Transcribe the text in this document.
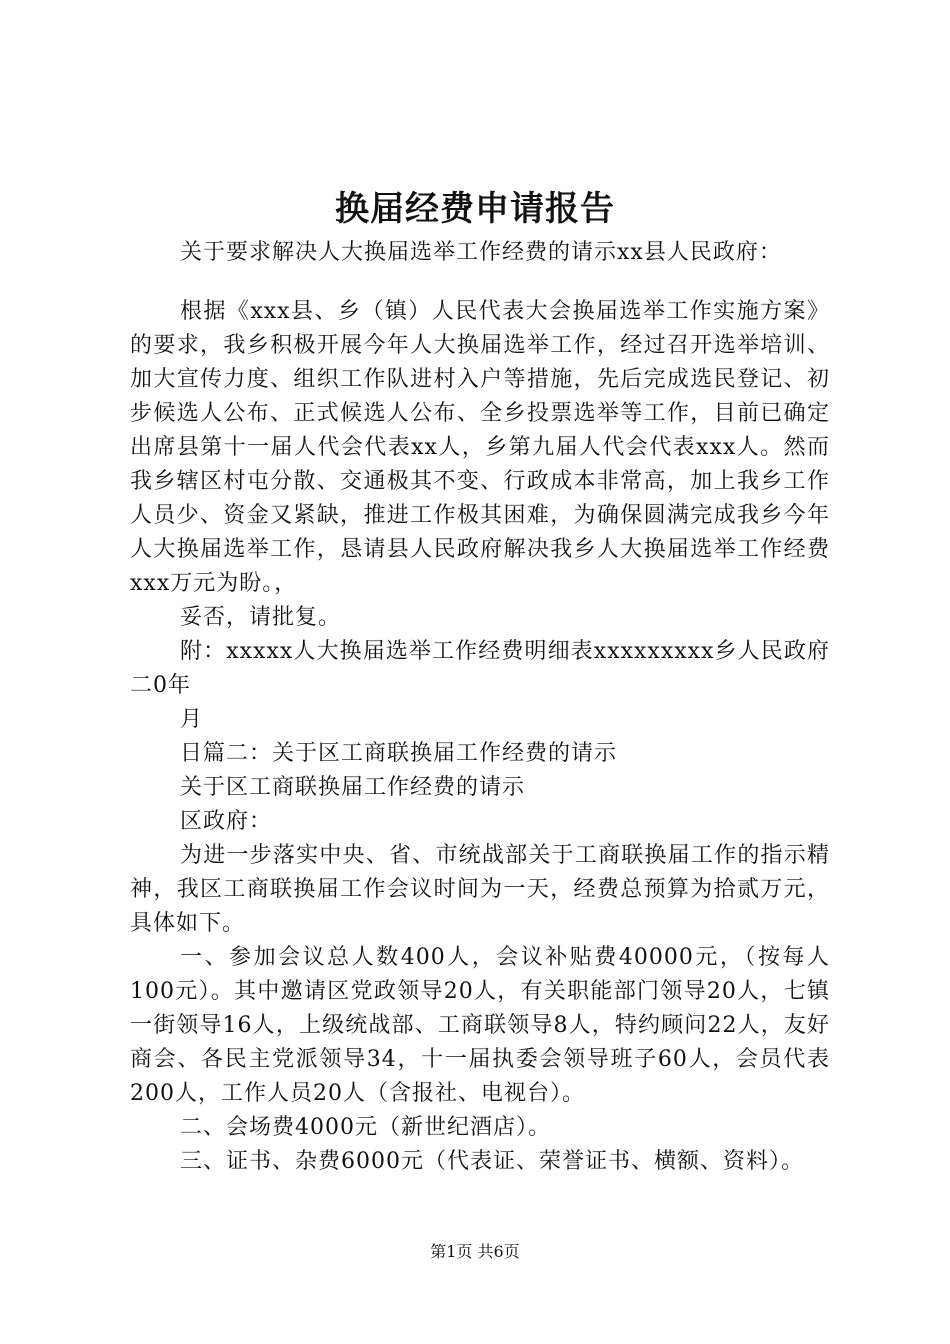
换届经费申请报告

关于要求解决人大换届选举工作经费的请示xx县人民政府：

根据《xxx县、乡（镇）人民代表大会换届选举工作实施方案》的要求，我乡积极开展今年人大换届选举工作，经过召开选举培训、加大宣传力度、组织工作队进村入户等措施，先后完成选民登记、初步候选人公布、正式候选人公布、全乡投票选举等工作，目前已确定出席县第十一届人代会代表xx人，乡第九届人代会代表xxx人。然而我乡辖区村屯分散、交通极其不变、行政成本非常高，加上我乡工作人员少、资金又紧缺，推进工作极其困难，为确保圆满完成我乡今年人大换届选举工作，恳请县人民政府解决我乡人大换届选举工作经费xxx万元为盼。，

妥否，请批复。

附：xxxxx人大换届选举工作经费明细表xxxxxxxxx乡人民政府二0年

月

日篇二：关于区工商联换届工作经费的请示

关于区工商联换届工作经费的请示

区政府：

为进一步落实中央、省、市统战部关于工商联换届工作的指示精神，我区工商联换届工作会议时间为一天，经费总预算为拾贰万元，具体如下。

一、参加会议总人数400人，会议补贴费40000元，（按每人100元）。其中邀请区党政领导20人，有关职能部门领导20人，七镇一街领导16人，上级统战部、工商联领导8人，特约顾问22人，友好商会、各民主党派领导34，十一届执委会领导班子60人，会员代表200人，工作人员20人（含报社、电视台）。

二、会场费4000元（新世纪酒店）。

三、证书、杂费6000元（代表证、荣誉证书、横额、资料）。

第1页 共6页
